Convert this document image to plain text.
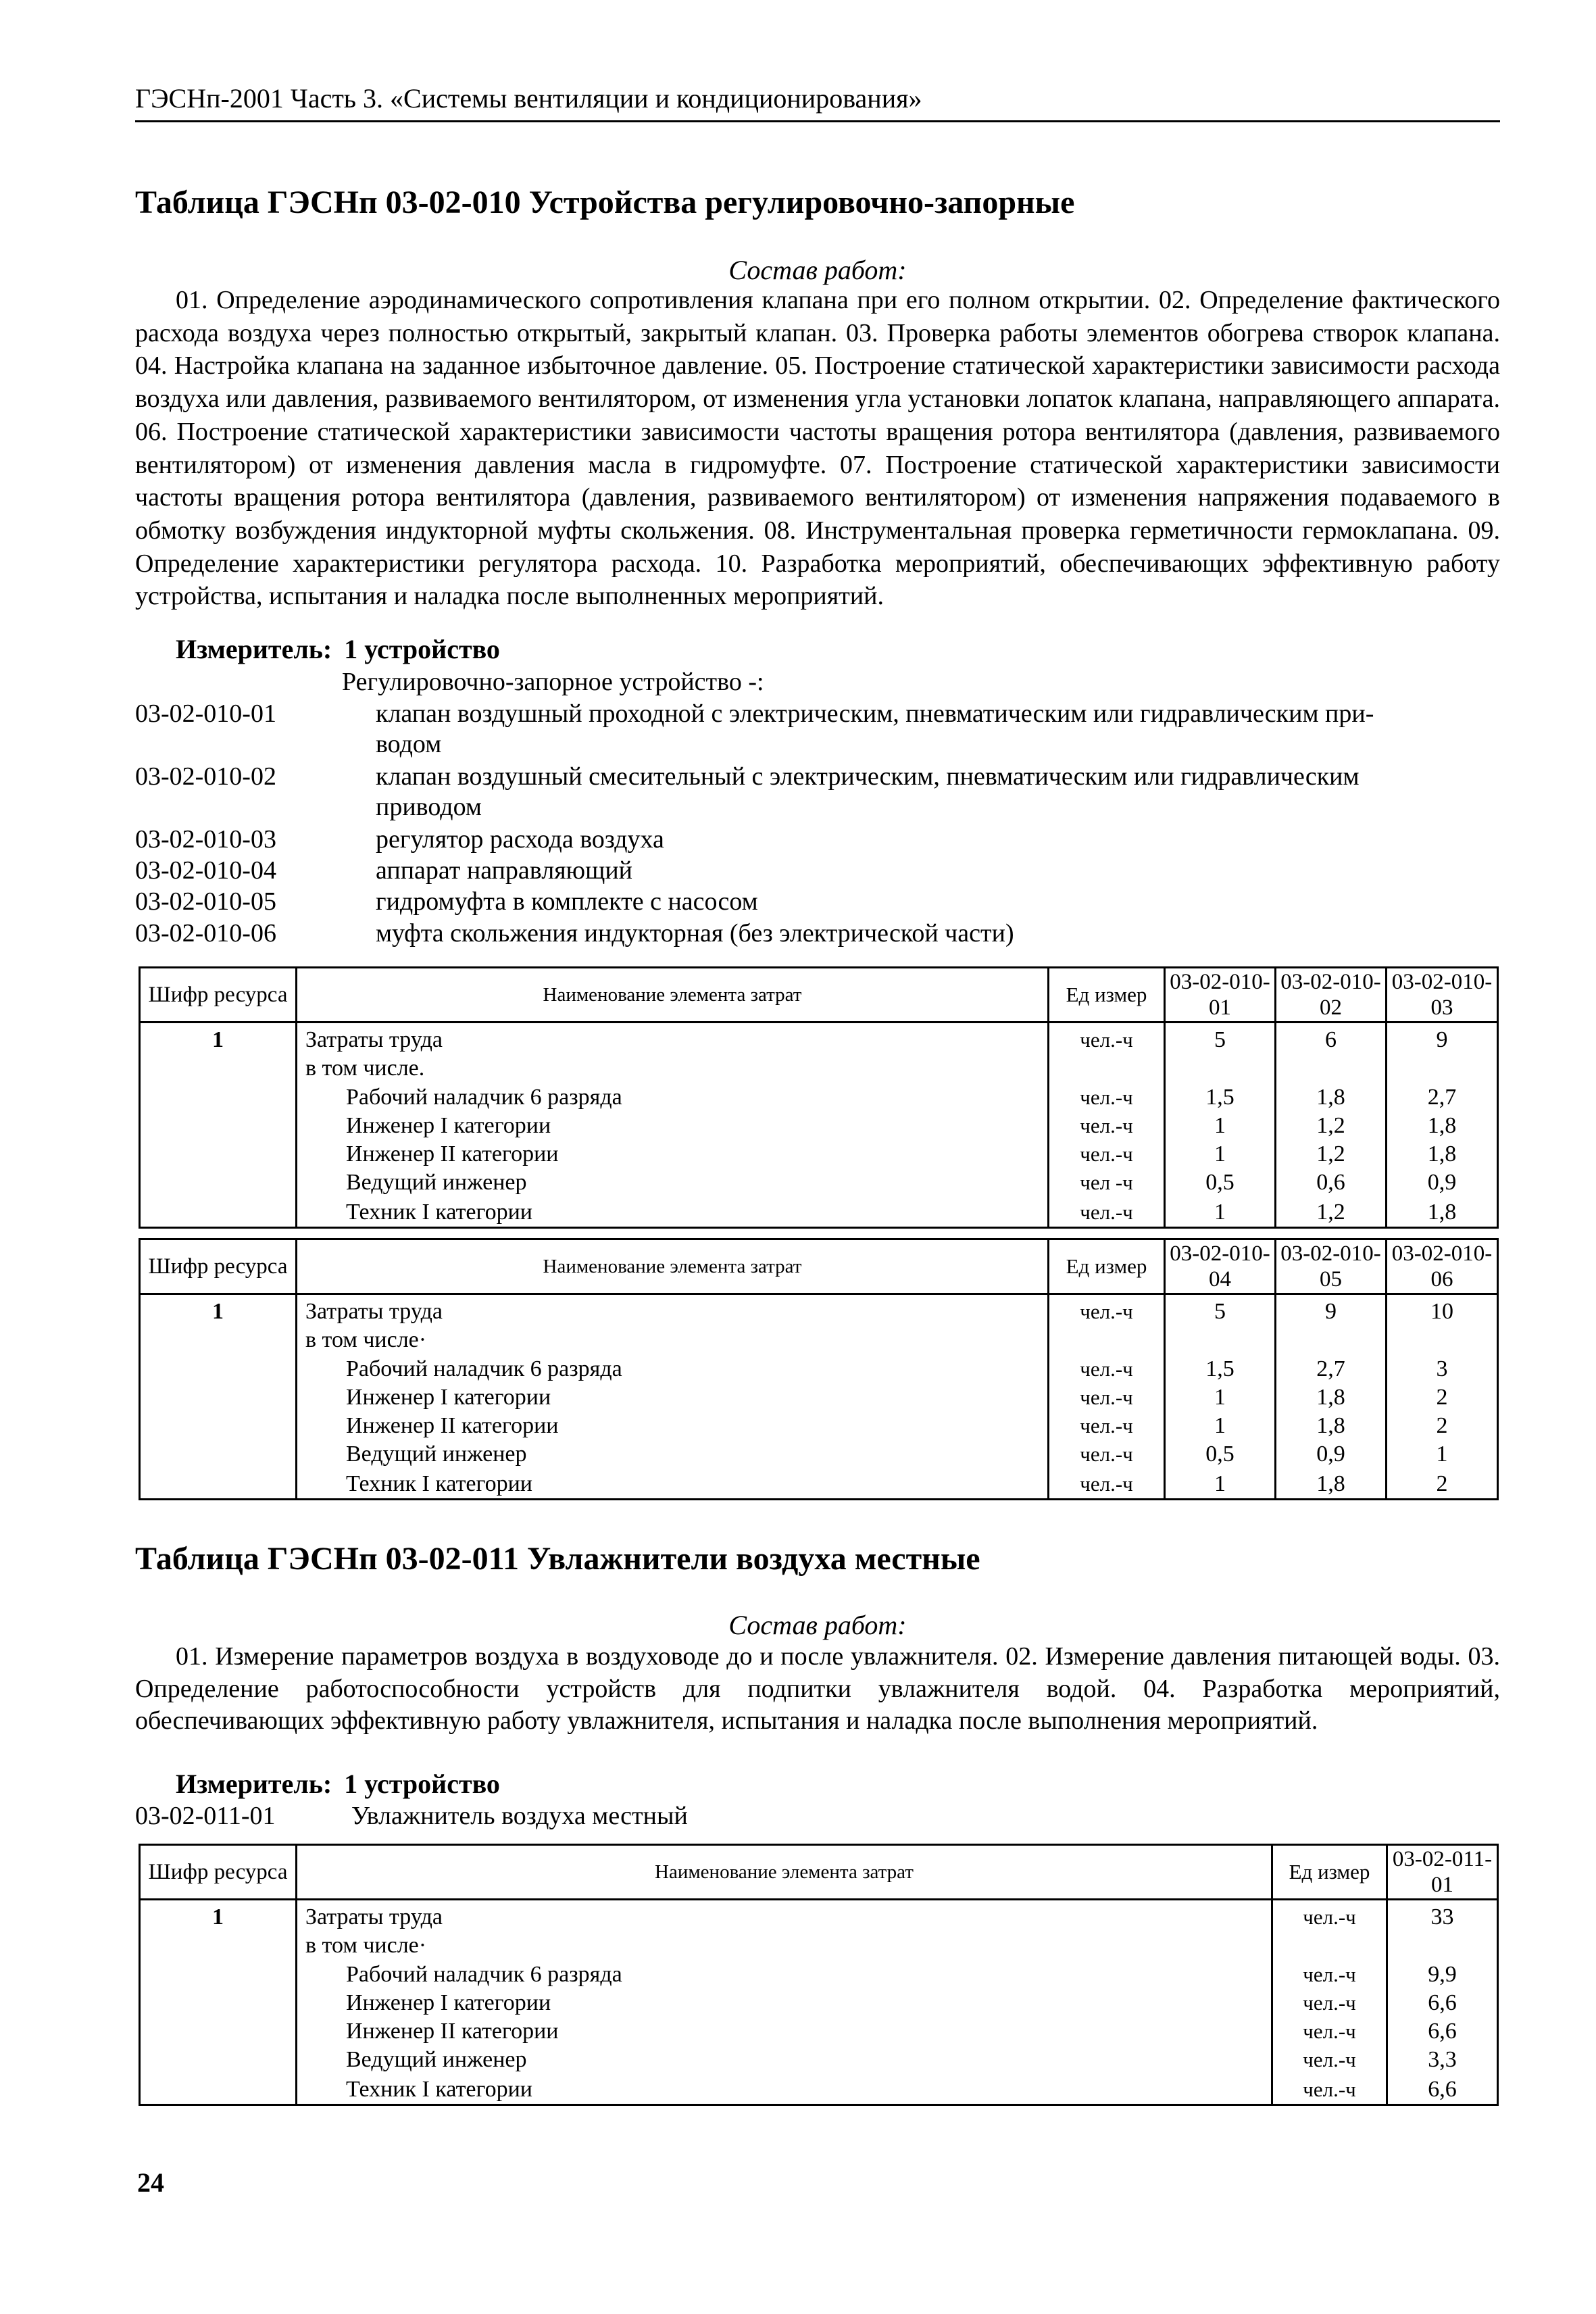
ГЭСНп-2001 Часть 3. «Системы вентиляции и кондиционирования»
Таблица ГЭСНп 03-02-010 Устройства регулировочно-запорные
Состав работ:

01. Определение аэродинамического сопротивления клапана при его полном открытии. 02. Определение фактического расхода воздуха через полностью открытый, закрытый клапан. 03. Проверка работы элементов обогрева створок клапана. 04. Настройка клапана на заданное избыточное давление. 05. Построение статической характеристики зависимости расхода воздуха или давления, развиваемого вентилятором, от изменения угла установки лопаток клапана, направляющего аппарата. 06. Построение статической характеристики зависимости частоты вращения ротора вентилятора (давления, развиваемого вентилятором) от изменения давления масла в гидромуфте. 07. Построение статической характеристики зависимости частоты вращения ротора вентилятора (давления, развиваемого вентилятором) от изменения напряжения подаваемого в обмотку возбуждения индукторной муфты скольжения. 08. Инструментальная проверка герметичности гермоклапана. 09. Определение характеристики регулятора расхода. 10. Разработка мероприятий, обеспечивающих эффективную работу устройства, испытания и наладка после выполненных мероприятий.

Измеритель: 1 устройство
Регулировочно-запорное устройство -:
03-02-010-01	клапан воздушный проходной с электрическим, пневматическим или гидравлическим при-
водом
03-02-010-02	клапан воздушный смесительный с электрическим, пневматическим или гидравлическим
приводом
03-02-010-03	регулятор расхода воздуха
03-02-010-04	аппарат направляющий
03-02-010-05	гидромуфта в комплекте с насосом
03-02-010-06	муфта скольжения индукторная (без электрической части)
Шифр ресурса	Наименование элемента затрат	Ед измер	03-02-010-01	03-02-010-02	03-02-010-03
1	Затраты труда	чел.-ч	5	6	9
	в том числе.				
	Рабочий наладчик 6 разряда	чел.-ч	1,5	1,8	2,7
	Инженер I категории	чел.-ч	1	1,2	1,8
	Инженер II категории	чел.-ч	1	1,2	1,8
	Ведущий инженер	чел -ч	0,5	0,6	0,9
	Техник I категории	чел.-ч	1	1,2	1,8
Шифр ресурса	Наименование элемента затрат	Ед измер	03-02-010-04	03-02-010-05	03-02-010-06
1	Затраты труда	чел.-ч	5	9	10
	в том числе·				
	Рабочий наладчик 6 разряда	чел.-ч	1,5	2,7	3
	Инженер I категории	чел.-ч	1	1,8	2
	Инженер II категории	чел.-ч	1	1,8	2
	Ведущий инженер	чел.-ч	0,5	0,9	1
	Техник I категории	чел.-ч	1	1,8	2
Таблица ГЭСНп 03-02-011 Увлажнители воздуха местные
Состав работ:

01. Измерение параметров воздуха в воздуховоде до и после увлажнителя. 02. Измерение давления питающей воды. 03. Определение работоспособности устройств для подпитки увлажнителя водой. 04. Разработка мероприятий, обеспечивающих эффективную работу увлажнителя, испытания и наладка после выполнения мероприятий.

Измеритель: 1 устройство
03-02-011-01	Увлажнитель воздуха местный
Шифр ресурса	Наименование элемента затрат	Ед измер	03-02-011-01
1	Затраты труда	чел.-ч	33
	в том числе·		
	Рабочий наладчик 6 разряда	чел.-ч	9,9
	Инженер I категории	чел.-ч	6,6
	Инженер II категории	чел.-ч	6,6
	Ведущий инженер	чел.-ч	3,3
	Техник I категории	чел.-ч	6,6
24
